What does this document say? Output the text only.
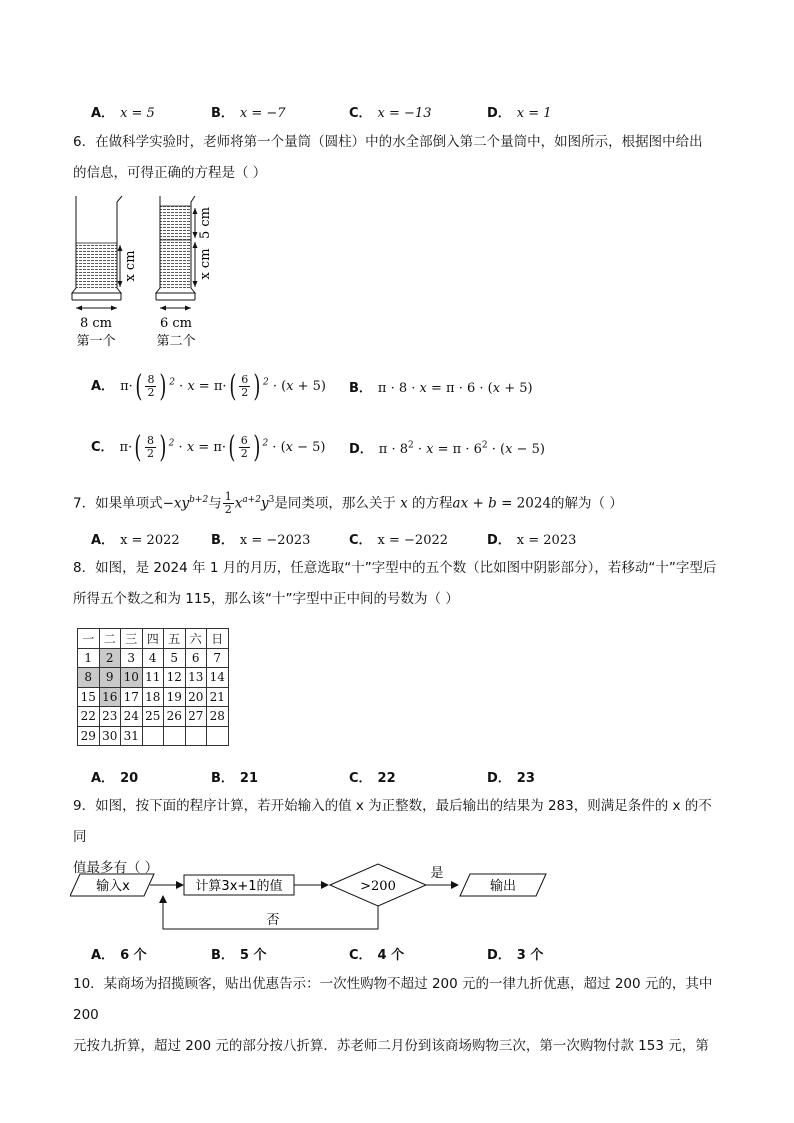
A． x = 5	B． x = −7	C． x = −13	D． x = 1
6．在做科学实验时，老师将第一个量筒（圆柱）中的水全部倒入第二个量筒中，如图所示，根据图中给出
的信息，可得正确的方程是（ ）
x cm
5 cm
x cm
8 cm	6 cm
第一个	第二个
A． $\pi\cdot( \frac{8}{2}$ ) $^2 \cdot x = \pi\cdot( \frac{6}{2}$ ) $^2$ · (x + 5) B． π · 8 · x = π · 6 · (x + 5)
C． $\pi\cdot( \frac{8}{2}$ ) $^2 \cdot x = \pi\cdot( \frac{6}{2}$ ) $^2$ · (x − 5) D． $\pi \cdot 8^2 \cdot x = \pi \cdot 6^2 \cdot (x - 5)$
7．如果单项式$-xy^{b+2}$与 $\frac{1}{2} x^{a+2}y^3$是同类项，那么关于 x 的方程ax + b = 2024的解为（ ）
A． x = 2022 B． x = −2023	C． x = −2022	D． x = 2023
8．如图，是 2024 年 1 月的月历，任意选取“十”字型中的五个数（比如图中阴影部分），若移动“十”字型后
所得五个数之和为 115，那么该“十”字型中正中间的号数为（ ）
一	二	三	四	五	六	日
1	2	3	4	5	6	7
8	9	10	11	12	13	14
15	16	17	18	19	20	21
22	23	24	25	26	27	28
29	30	31				
A． 20	B． 21	C． 22	D． 23
9．如图，按下面的程序计算，若开始输入的值 x 为正整数，最后输出的结果为 283，则满足条件的 x 的不同
值最多有（ ）
输入x	计算3x+1的值	>200
是
输出
否
A． 6 个	B． 5 个	C． 4 个	D． 3 个
10．某商场为招揽顾客，贴出优惠告示：一次性购物不超过 200 元的一律九折优惠，超过 200 元的，其中 200
元按九折算，超过 200 元的部分按八折算．苏老师二月份到该商场购物三次，第一次购物付款 153 元，第
